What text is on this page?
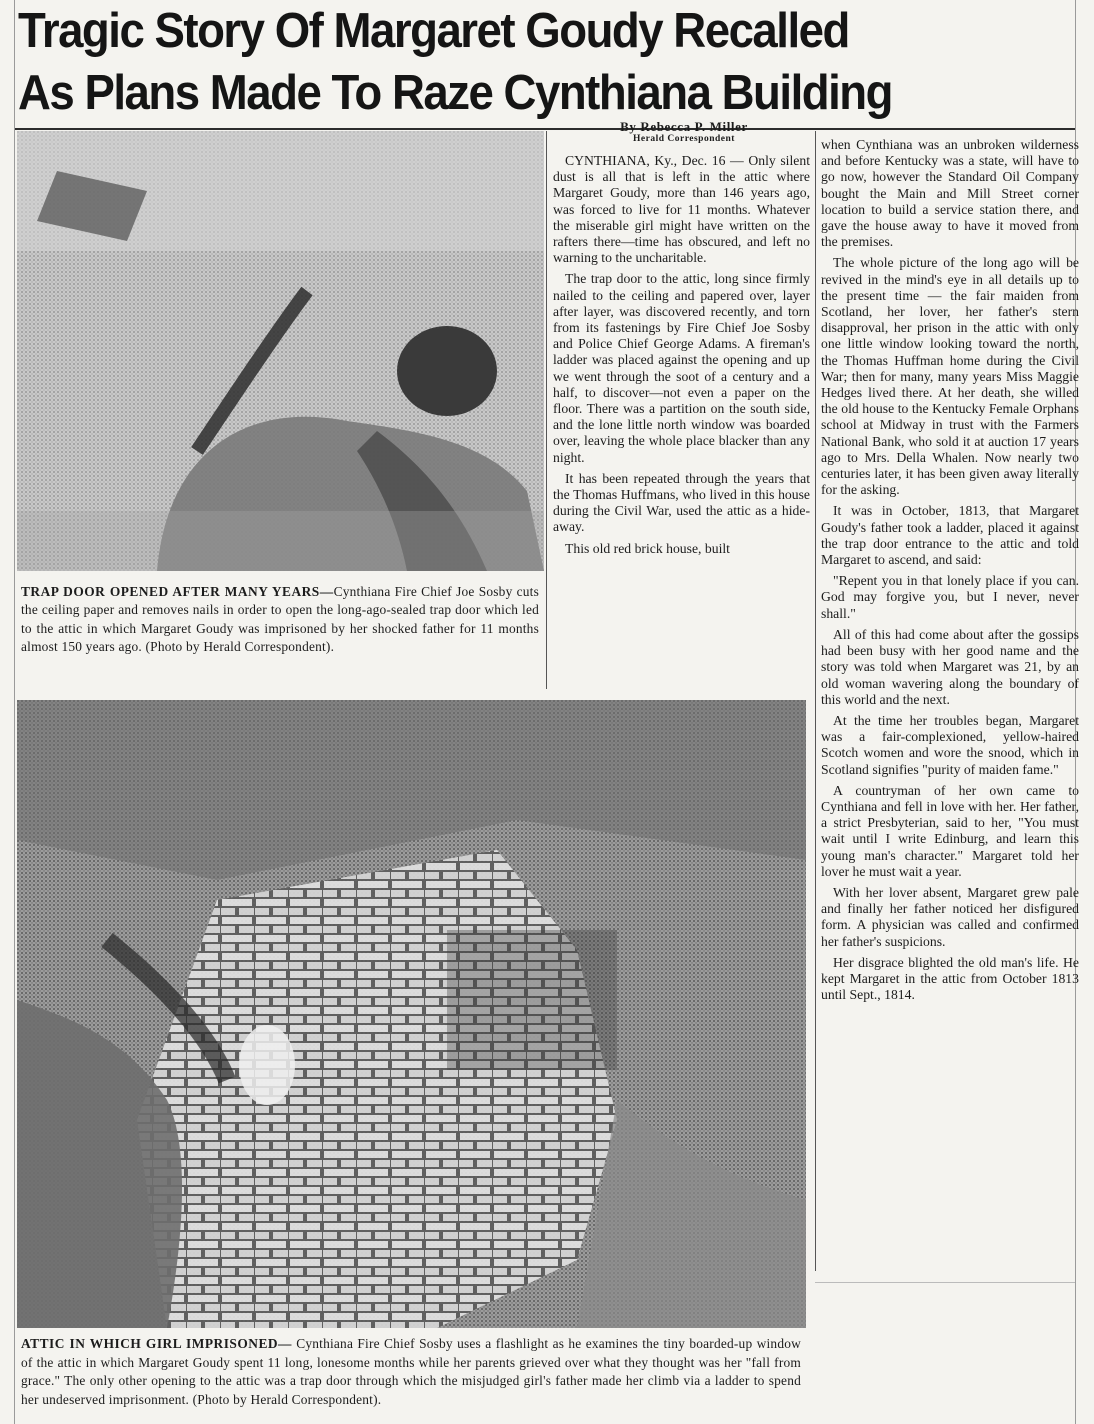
Tragic Story Of Margaret Goudy Recalled
As Plans Made To Raze Cynthiana Building
TRAP DOOR OPENED AFTER MANY YEARS—Cynthiana Fire Chief Joe Sosby cuts the ceiling paper and removes nails in order to open the long-ago-sealed trap door which led to the attic in which Margaret Goudy was imprisoned by her shocked father for 11 months almost 150 years ago. (Photo by Herald Correspondent).
ATTIC IN WHICH GIRL IMPRISONED— Cynthiana Fire Chief Sosby uses a flashlight as he examines the tiny boarded-up window of the attic in which Margaret Goudy spent 11 long, lonesome months while her parents grieved over what they thought was her "fall from grace." The only other opening to the attic was a trap door through which the misjudged girl's father made her climb via a ladder to spend her undeserved imprisonment. (Photo by Herald Correspondent).
By Rebecca P. Miller
Herald Correspondent

CYNTHIANA, Ky., Dec. 16 — Only silent dust is all that is left in the attic where Margaret Goudy, more than 146 years ago, was forced to live for 11 months. Whatever the miserable girl might have written on the rafters there—time has obscured, and left no warning to the uncharitable.

The trap door to the attic, long since firmly nailed to the ceiling and papered over, layer after layer, was discovered recently, and torn from its fastenings by Fire Chief Joe Sosby and Police Chief George Adams. A fireman's ladder was placed against the opening and up we went through the soot of a century and a half, to discover—not even a paper on the floor. There was a partition on the south side, and the lone little north window was boarded over, leaving the whole place blacker than any night.

It has been repeated through the years that the Thomas Huffmans, who lived in this house during the Civil War, used the attic as a hide-away.

This old red brick house, built

when Cynthiana was an unbroken wilderness and before Kentucky was a state, will have to go now, however the Standard Oil Company bought the Main and Mill Street corner location to build a service station there, and gave the house away to have it moved from the premises.

The whole picture of the long ago will be revived in the mind's eye in all details up to the present time — the fair maiden from Scotland, her lover, her father's stern disapproval, her prison in the attic with only one little window looking toward the north, the Thomas Huffman home during the Civil War; then for many, many years Miss Maggie Hedges lived there. At her death, she willed the old house to the Kentucky Female Orphans school at Midway in trust with the Farmers National Bank, who sold it at auction 17 years ago to Mrs. Della Whalen. Now nearly two centuries later, it has been given away literally for the asking.

It was in October, 1813, that Margaret Goudy's father took a ladder, placed it against the trap door entrance to the attic and told Margaret to ascend, and said:

"Repent you in that lonely place if you can. God may forgive you, but I never, never shall."

All of this had come about after the gossips had been busy with her good name and the story was told when Margaret was 21, by an old woman wavering along the boundary of this world and the next.

At the time her troubles began, Margaret was a fair-complexioned, yellow-haired Scotch women and wore the snood, which in Scotland signifies "purity of maiden fame."

A countryman of her own came to Cynthiana and fell in love with her. Her father, a strict Presbyterian, said to her, "You must wait until I write Edinburg, and learn this young man's character." Margaret told her lover he must wait a year.

With her lover absent, Margaret grew pale and finally her father noticed her disfigured form. A physician was called and confirmed her father's suspicions.

Her disgrace blighted the old man's life. He kept Margaret in the attic from October 1813 until Sept., 1814.
